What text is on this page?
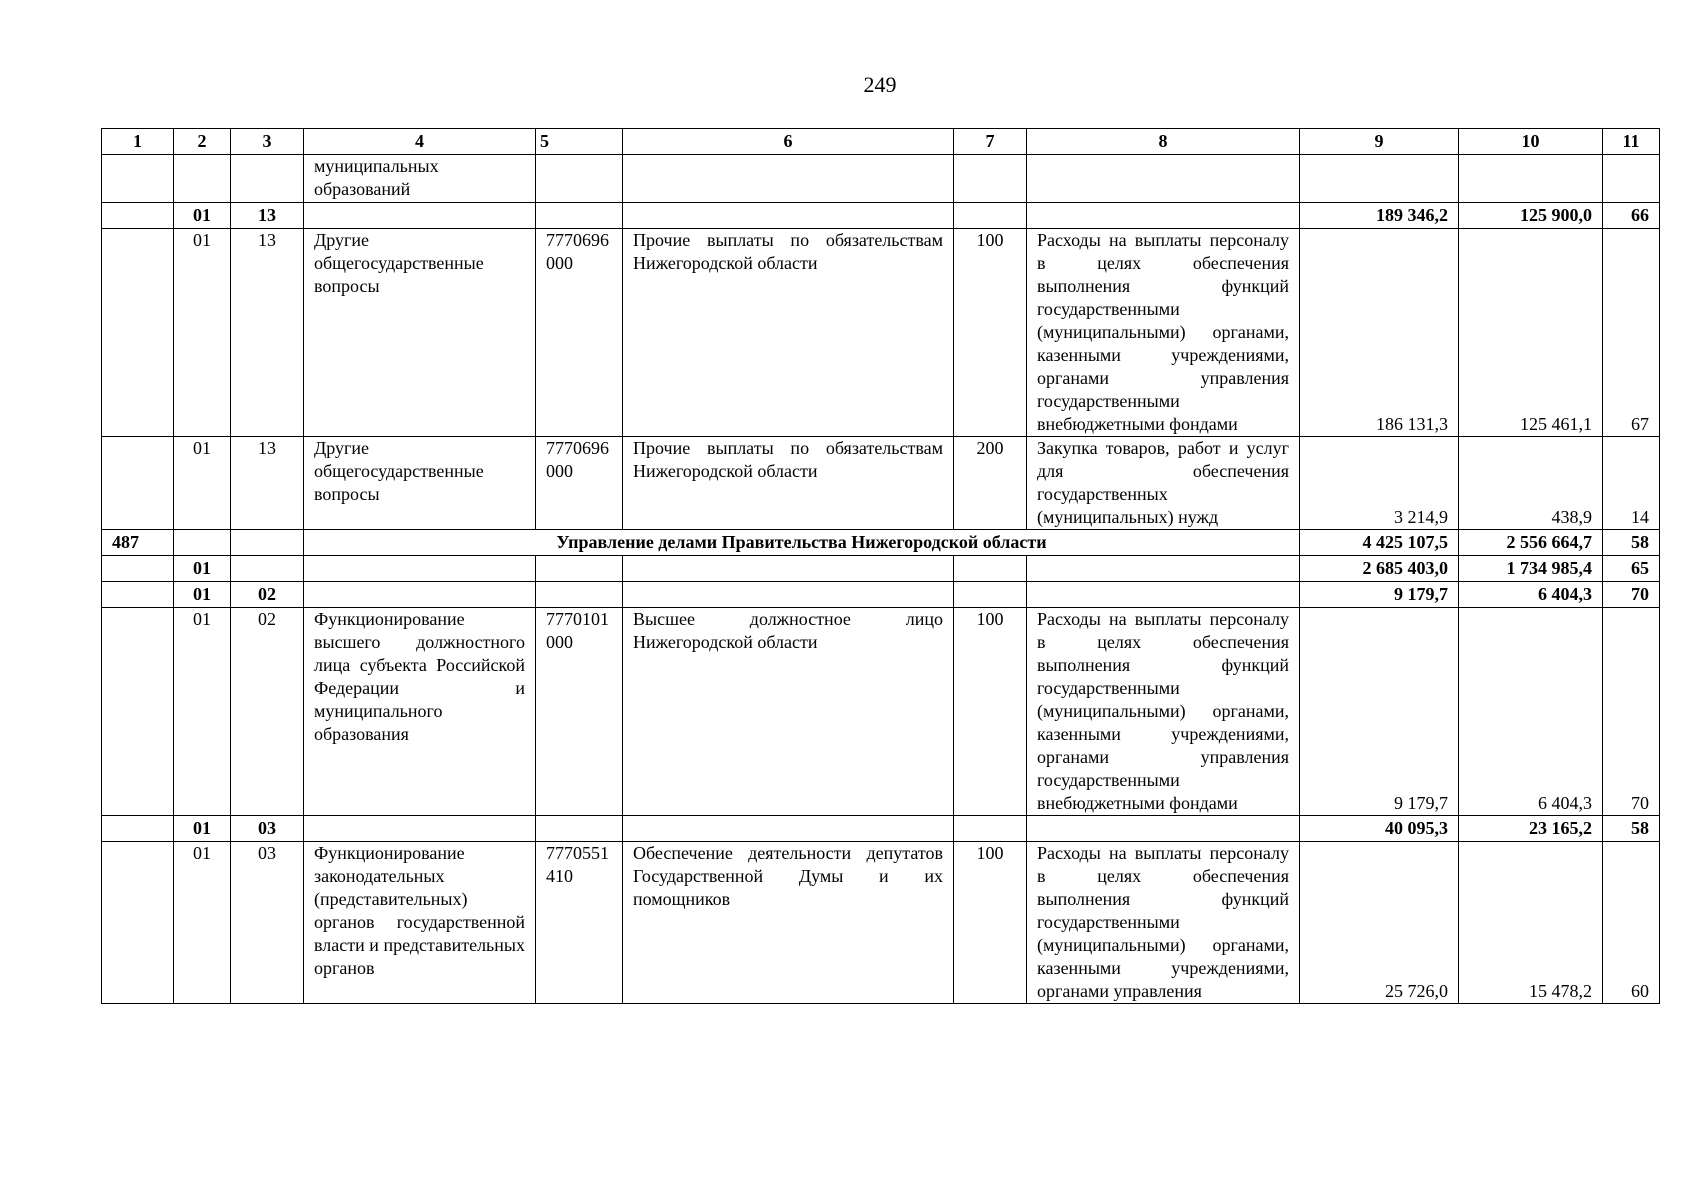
249
1	2	3	4	5	6	7	8	9	10	11
			муниципальных образований							
	01	13						189 346,2	125 900,0	66
	01	13	Другие общегосударственные вопросы	7770696000	Прочие выплаты по обязательствам Нижегородской области	100	Расходы на выплаты персоналу в целях обеспечения выполнения функций государственными (муниципальными) органами, казенными учреждениями, органами управления государственными внебюджетными фондами	186 131,3	125 461,1	67
	01	13	Другие общегосударственные вопросы	7770696000	Прочие выплаты по обязательствам Нижегородской области	200	Закупка товаров, работ и услуг для обеспечения государственных (муниципальных) нужд	3 214,9	438,9	14
487			Управление делами Правительства Нижегородской области					4 425 107,5	2 556 664,7	58
	01							2 685 403,0	1 734 985,4	65
	01	02						9 179,7	6 404,3	70
	01	02	Функционирование высшего должностного лица субъекта Российской Федерации и муниципального образования	7770101000	Высшее должностное лицо Нижегородской области	100	Расходы на выплаты персоналу в целях обеспечения выполнения функций государственными (муниципальными) органами, казенными учреждениями, органами управления государственными внебюджетными фондами	9 179,7	6 404,3	70
	01	03						40 095,3	23 165,2	58
	01	03	Функционирование законодательных (представительных) органов государственной власти и представительных органов	7770551410	Обеспечение деятельности депутатов Государственной Думы и их помощников	100	Расходы на выплаты персоналу в целях обеспечения выполнения функций государственными (муниципальными) органами, казенными учреждениями, органами управления	25 726,0	15 478,2	60
